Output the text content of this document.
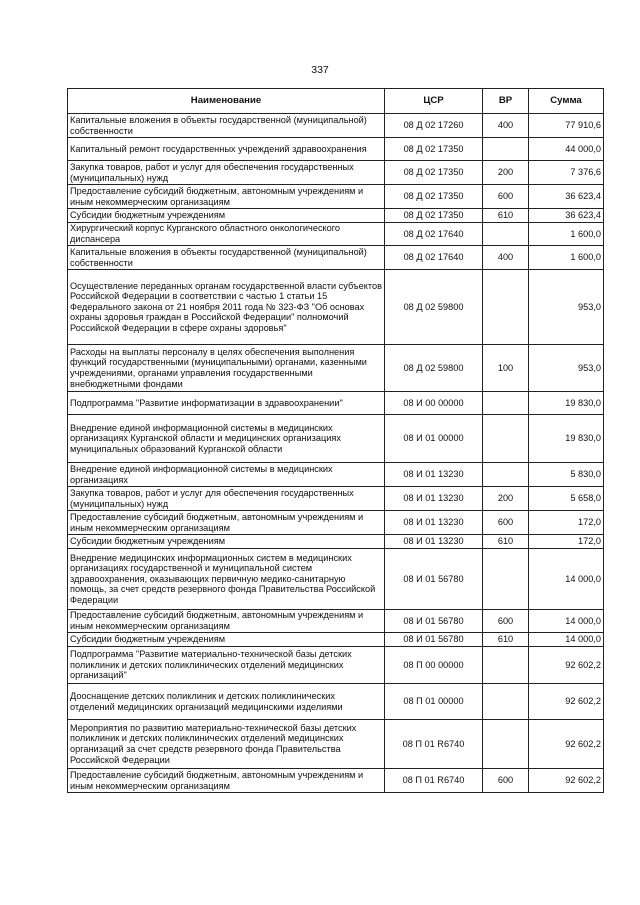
337
Наименование	ЦСР	ВР	Сумма
Капитальные вложения в объекты государственной (муниципальной) собственности	08 Д 02 17260	400	77 910,6
Капитальный ремонт государственных учреждений здравоохранения	08 Д 02 17350		44 000,0
Закупка товаров, работ и услуг для обеспечения государственных (муниципальных) нужд	08 Д 02 17350	200	7 376,6
Предоставление субсидий бюджетным, автономным учреждениям и иным некоммерческим организациям	08 Д 02 17350	600	36 623,4
Субсидии бюджетным учреждениям	08 Д 02 17350	610	36 623,4
Хирургический корпус Курганского областного онкологического диспансера	08 Д 02 17640		1 600,0
Капитальные вложения в объекты государственной (муниципальной) собственности	08 Д 02 17640	400	1 600,0
Осуществление переданных органам государственной власти субъектов Российской Федерации в соответствии с частью 1 статьи 15 Федерального закона от 21 ноября 2011 года № 323-ФЗ "Об основах охраны здоровья граждан в Российской Федерации" полномочий Российской Федерации в сфере охраны здоровья"	08 Д 02 59800		953,0
Расходы на выплаты персоналу в целях обеспечения выполнения функций государственными (муниципальными) органами, казенными учреждениями, органами управления государственными внебюджетными фондами	08 Д 02 59800	100	953,0
Подпрограмма "Развитие информатизации в здравоохранении"	08 И 00 00000		19 830,0
Внедрение единой информационной системы в медицинских организациях Курганской области и медицинских организациях муниципальных образований Курганской области	08 И 01 00000		19 830,0
Внедрение единой информационной системы в медицинских организациях	08 И 01 13230		5 830,0
Закупка товаров, работ и услуг для обеспечения государственных (муниципальных) нужд	08 И 01 13230	200	5 658,0
Предоставление субсидий бюджетным, автономным учреждениям и иным некоммерческим организациям	08 И 01 13230	600	172,0
Субсидии бюджетным учреждениям	08 И 01 13230	610	172,0
Внедрение медицинских информационных систем в медицинских организациях государственной и муниципальной систем здравоохранения, оказывающих первичную медико-санитарную помощь, за счет средств резервного фонда Правительства Российской Федерации	08 И 01 56780		14 000,0
Предоставление субсидий бюджетным, автономным учреждениям и иным некоммерческим организациям	08 И 01 56780	600	14 000,0
Субсидии бюджетным учреждениям	08 И 01 56780	610	14 000,0
Подпрограмма "Развитие материально-технической базы детских поликлиник и детских поликлинических отделений медицинских организаций"	08 П 00 00000		92 602,2
Дооснащение детских поликлиник и детских поликлинических отделений медицинских организаций медицинскими изделиями	08 П 01 00000		92 602,2
Мероприятия по развитию материально-технической базы детских поликлиник и детских поликлинических отделений медицинских организаций за счет средств резервного фонда Правительства Российской Федерации	08 П 01 R6740		92 602,2
Предоставление субсидий бюджетным, автономным учреждениям и иным некоммерческим организациям	08 П 01 R6740	600	92 602,2
